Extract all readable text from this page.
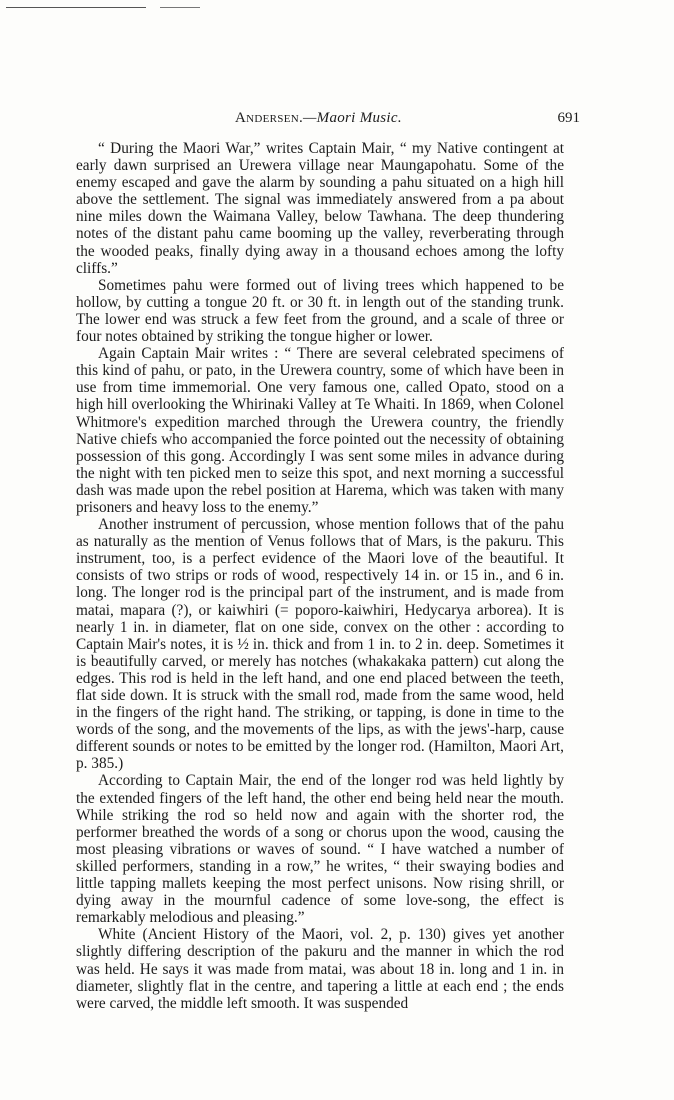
Andersen.—Maori Music.	691

“ During the Maori War,” writes Captain Mair, “ my Native contingent at early dawn surprised an Urewera village near Maungapohatu. Some of the enemy escaped and gave the alarm by sounding a pahu situated on a high hill above the settlement. The signal was immediately answered from a pa about nine miles down the Waimana Valley, below Tawhana. The deep thundering notes of the distant pahu came booming up the valley, reverberating through the wooded peaks, finally dying away in a thousand echoes among the lofty cliffs.”

Sometimes pahu were formed out of living trees which happened to be hollow, by cutting a tongue 20 ft. or 30 ft. in length out of the standing trunk. The lower end was struck a few feet from the ground, and a scale of three or four notes obtained by striking the tongue higher or lower.

Again Captain Mair writes : “ There are several celebrated specimens of this kind of pahu, or pato, in the Urewera country, some of which have been in use from time immemorial. One very famous one, called Opato, stood on a high hill overlooking the Whirinaki Valley at Te Whaiti. In 1869, when Colonel Whitmore's expedition marched through the Urewera country, the friendly Native chiefs who accompanied the force pointed out the necessity of obtaining possession of this gong. Accordingly I was sent some miles in advance during the night with ten picked men to seize this spot, and next morning a successful dash was made upon the rebel position at Harema, which was taken with many prisoners and heavy loss to the enemy.”

Another instrument of percussion, whose mention follows that of the pahu as naturally as the mention of Venus follows that of Mars, is the pakuru. This instrument, too, is a perfect evidence of the Maori love of the beautiful. It consists of two strips or rods of wood, respectively 14 in. or 15 in., and 6 in. long. The longer rod is the principal part of the instrument, and is made from matai, mapara (?), or kaiwhiri (= poporo-kaiwhiri, Hedycarya arborea). It is nearly 1 in. in diameter, flat on one side, convex on the other : according to Captain Mair's notes, it is ½ in. thick and from 1 in. to 2 in. deep. Sometimes it is beautifully carved, or merely has notches (whakakaka pattern) cut along the edges. This rod is held in the left hand, and one end placed between the teeth, flat side down. It is struck with the small rod, made from the same wood, held in the fingers of the right hand. The striking, or tapping, is done in time to the words of the song, and the movements of the lips, as with the jews'-harp, cause different sounds or notes to be emitted by the longer rod. (Hamilton, Maori Art, p. 385.)

According to Captain Mair, the end of the longer rod was held lightly by the extended fingers of the left hand, the other end being held near the mouth. While striking the rod so held now and again with the shorter rod, the performer breathed the words of a song or chorus upon the wood, causing the most pleasing vibrations or waves of sound. “ I have watched a number of skilled performers, standing in a row,” he writes, “ their swaying bodies and little tapping mallets keeping the most perfect unisons. Now rising shrill, or dying away in the mournful cadence of some love-song, the effect is remarkably melodious and pleasing.”

White (Ancient History of the Maori, vol. 2, p. 130) gives yet another slightly differing description of the pakuru and the manner in which the rod was held. He says it was made from matai, was about 18 in. long and 1 in. in diameter, slightly flat in the centre, and tapering a little at each end ; the ends were carved, the middle left smooth. It was suspended
